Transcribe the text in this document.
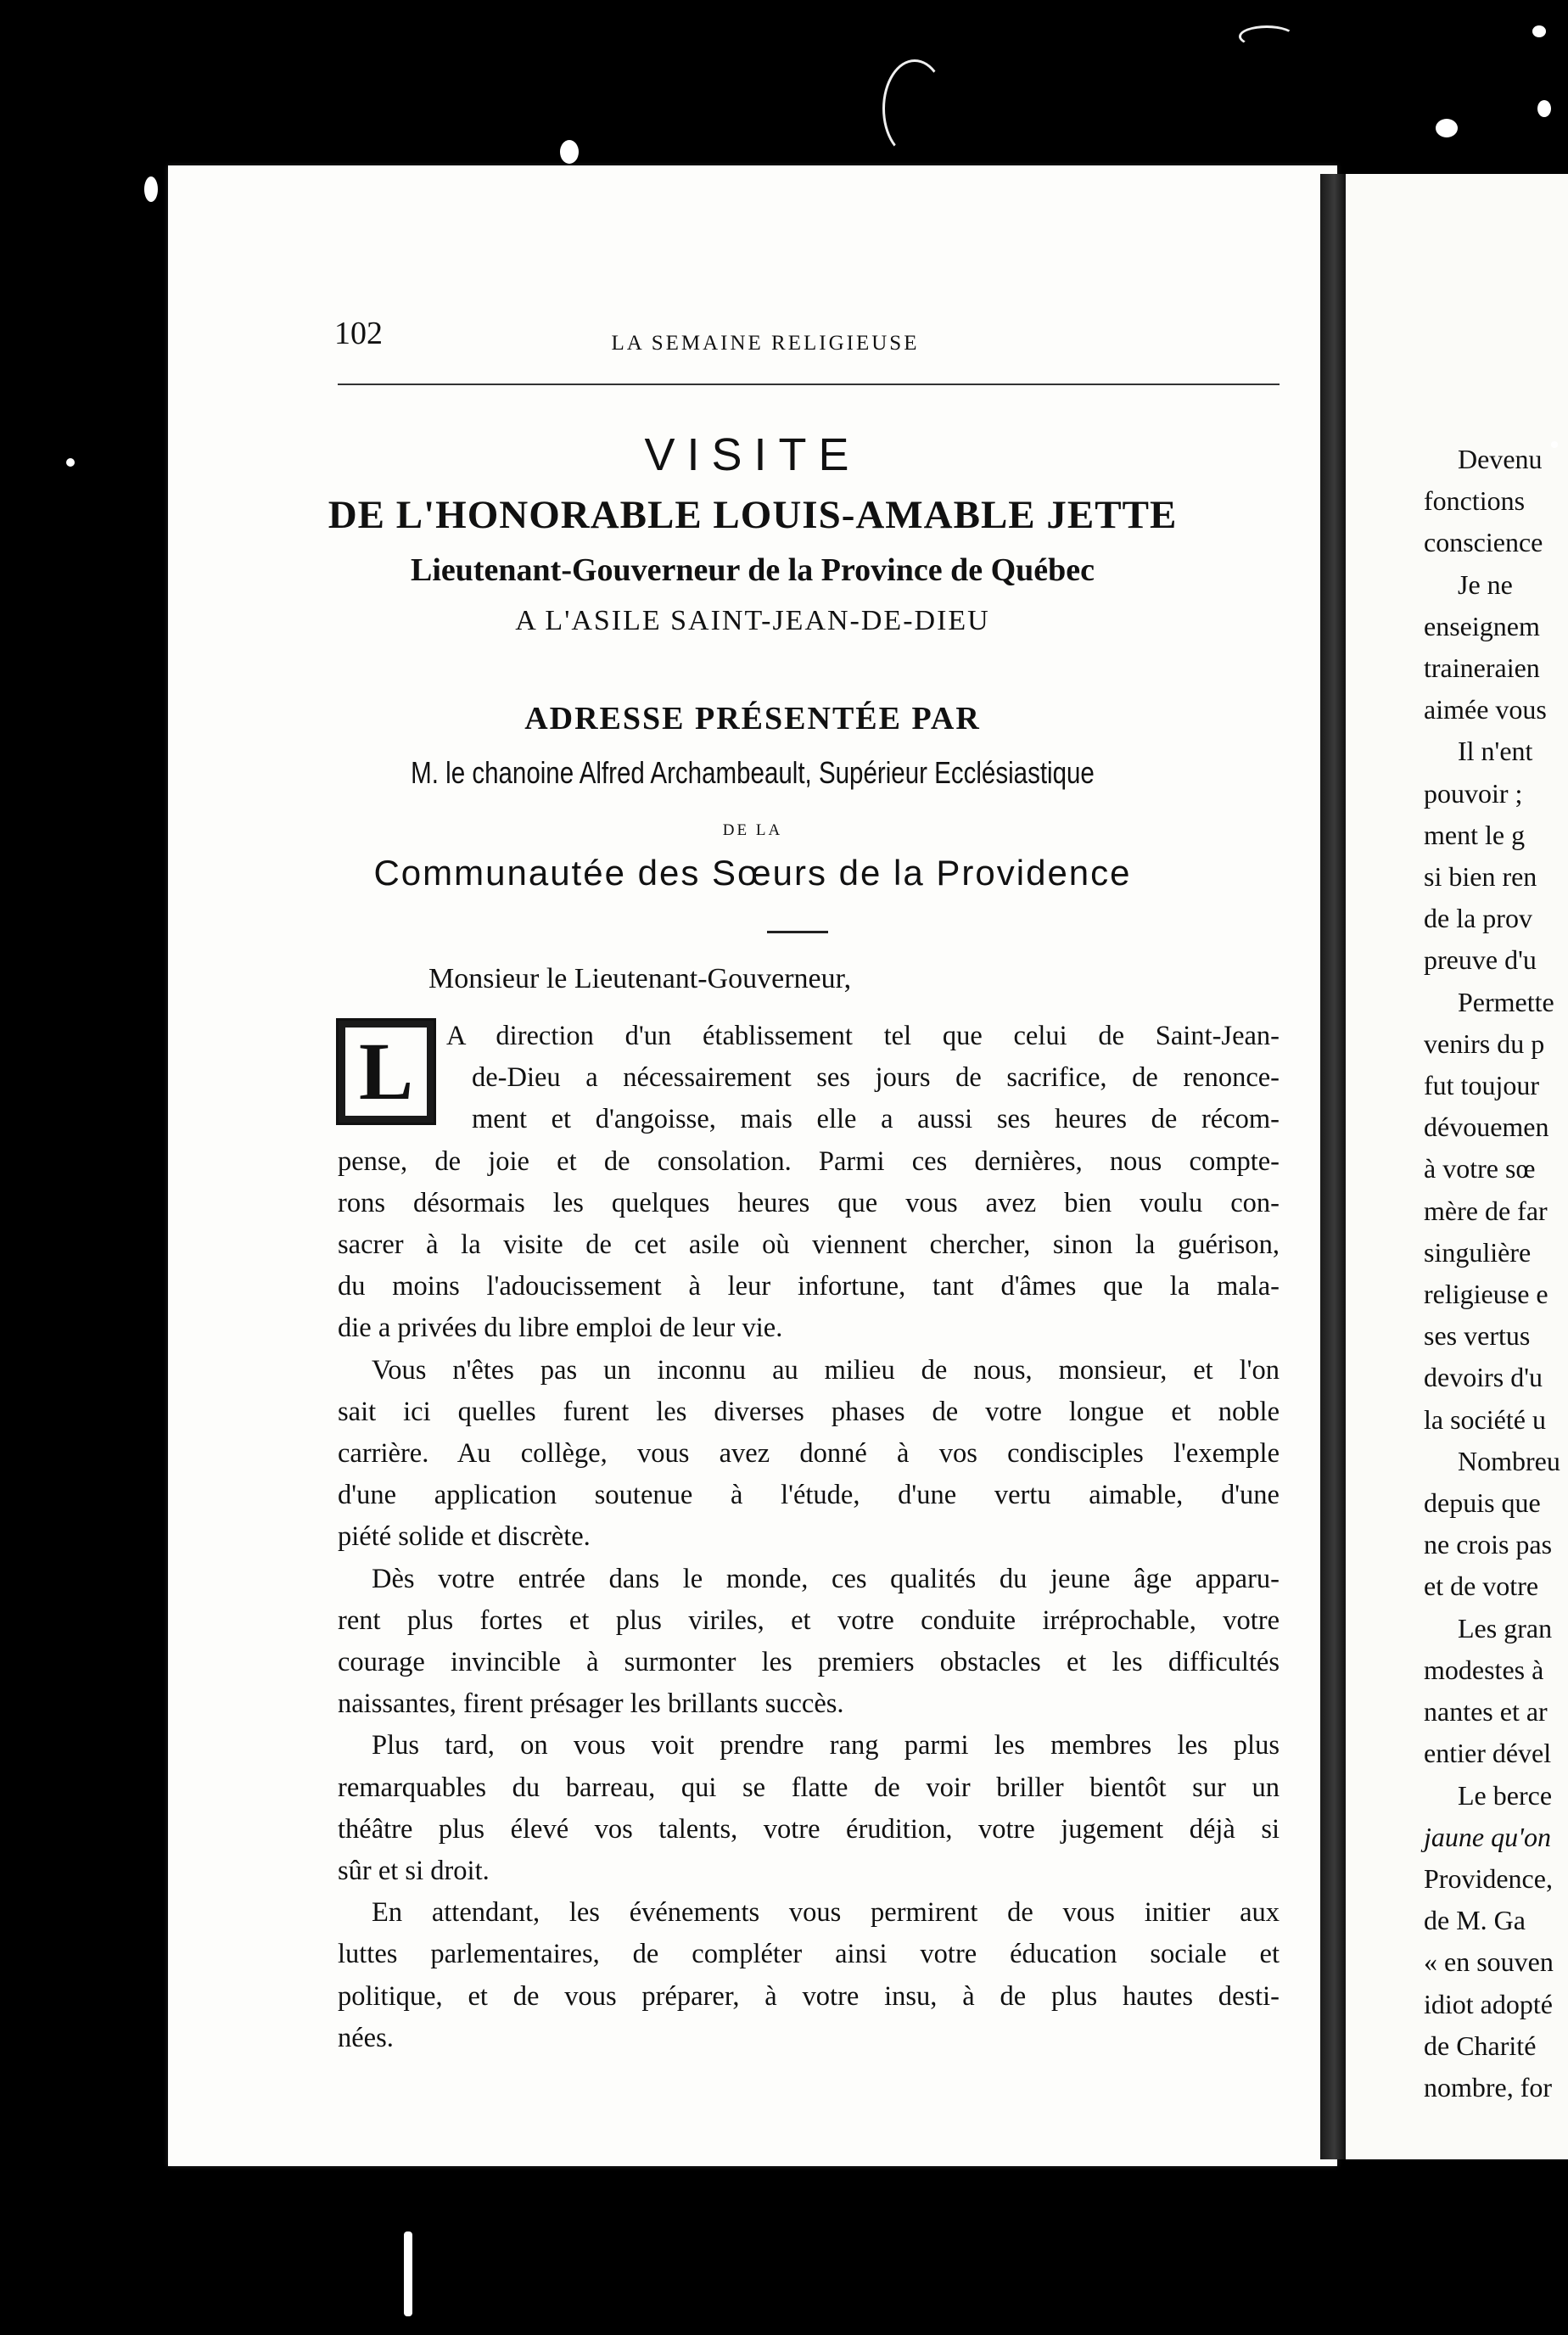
102	LA SEMAINE RELIGIEUSE
VISITE
DE L'HONORABLE LOUIS-AMABLE JETTE
Lieutenant-Gouverneur de la Province de Québec
A L'ASILE SAINT-JEAN-DE-DIEU
ADRESSE PRÉSENTÉE PAR
M. le chanoine Alfred Archambeault, Supérieur Ecclésiastique
DE LA
Communautée des Sœurs de la Providence
Monsieur le Lieutenant-Gouverneur,
L	A direction d'un établissement tel que celui de Saint-Jean-
de-Dieu a nécessairement ses jours de sacrifice, de renonce-
ment et d'angoisse, mais elle a aussi ses heures de récom-
pense, de joie et de consolation. Parmi ces dernières, nous compte-
rons désormais les quelques heures que vous avez bien voulu con-
sacrer à la visite de cet asile où viennent chercher, sinon la guérison,
du moins l'adoucissement à leur infortune, tant d'âmes que la mala-
die a privées du libre emploi de leur vie.
Vous n'êtes pas un inconnu au milieu de nous, monsieur, et l'on
sait ici quelles furent les diverses phases de votre longue et noble
carrière. Au collège, vous avez donné à vos condisciples l'exemple
d'une application soutenue à l'étude, d'une vertu aimable, d'une
piété solide et discrète.
Dès votre entrée dans le monde, ces qualités du jeune âge apparu-
rent plus fortes et plus viriles, et votre conduite irréprochable, votre
courage invincible à surmonter les premiers obstacles et les difficultés
naissantes, firent présager les brillants succès.
Plus tard, on vous voit prendre rang parmi les membres les plus
remarquables du barreau, qui se flatte de voir briller bientôt sur un
théâtre plus élevé vos talents, votre érudition, votre jugement déjà si
sûr et si droit.
En attendant, les événements vous permirent de vous initier aux
luttes parlementaires, de compléter ainsi votre éducation sociale et
politique, et de vous préparer, à votre insu, à de plus hautes desti-
nées.
Devenu
fonctions
conscience
Je ne
enseignem
traineraien
aimée vous
Il n'ent
pouvoir ;
ment le g
si bien ren
de la prov
preuve d'u
Permette
venirs du p
fut toujour
dévouemen
à votre sœ
mère de far
singulière
religieuse e
ses vertus
devoirs d'u
la société u
Nombreu
depuis que
ne crois pas
et de votre
Les gran
modestes à
nantes et ar
entier dével
Le berce
jaune qu'on
Providence,
de M. Ga
« en souven
idiot adopté
de Charité
nombre, for
